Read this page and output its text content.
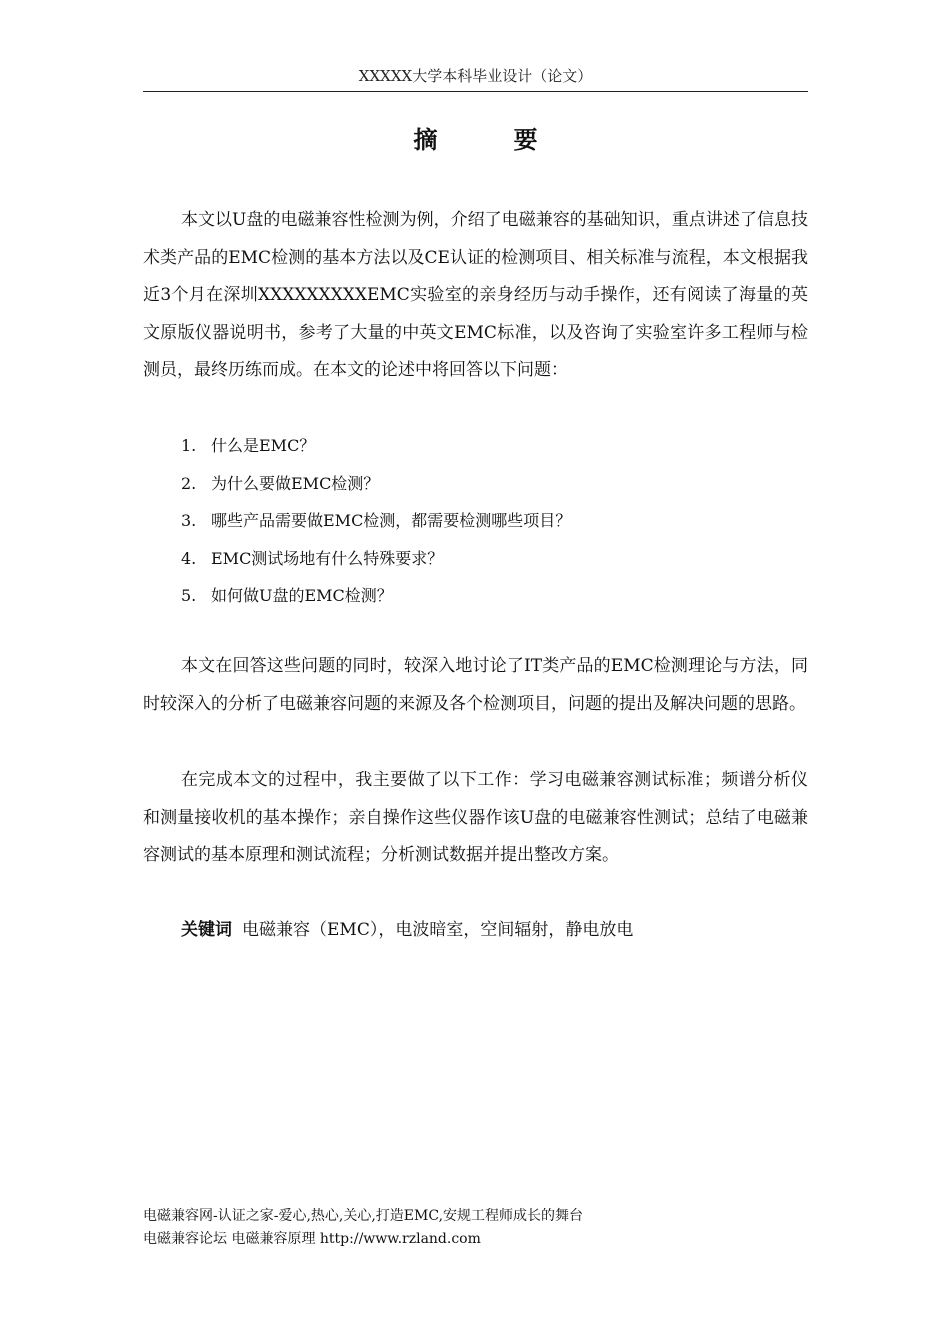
XXXXX大学本科毕业设计（论文）
摘　要

本文以U盘的电磁兼容性检测为例，介绍了电磁兼容的基础知识，重点讲述了信息技术类产品的EMC检测的基本方法以及CE认证的检测项目、相关标准与流程，本文根据我近3个月在深圳XXXXXXXXXEMC实验室的亲身经历与动手操作，还有阅读了海量的英文原版仪器说明书，参考了大量的中英文EMC标准，以及咨询了实验室许多工程师与检测员，最终历练而成。在本文的论述中将回答以下问题：

1. 什么是EMC？
2. 为什么要做EMC检测？
3. 哪些产品需要做EMC检测，都需要检测哪些项目？
4. EMC测试场地有什么特殊要求？
5. 如何做U盘的EMC检测？

本文在回答这些问题的同时，较深入地讨论了IT类产品的EMC检测理论与方法，同时较深入的分析了电磁兼容问题的来源及各个检测项目，问题的提出及解决问题的思路。

在完成本文的过程中，我主要做了以下工作：学习电磁兼容测试标准；频谱分析仪和测量接收机的基本操作；亲自操作这些仪器作该U盘的电磁兼容性测试；总结了电磁兼容测试的基本原理和测试流程；分析测试数据并提出整改方案。

关键词 电磁兼容（EMC），电波暗室，空间辐射，静电放电
电磁兼容网-认证之家-爱心,热心,关心,打造EMC,安规工程师成长的舞台
电磁兼容论坛 电磁兼容原理 http://www.rzland.com
